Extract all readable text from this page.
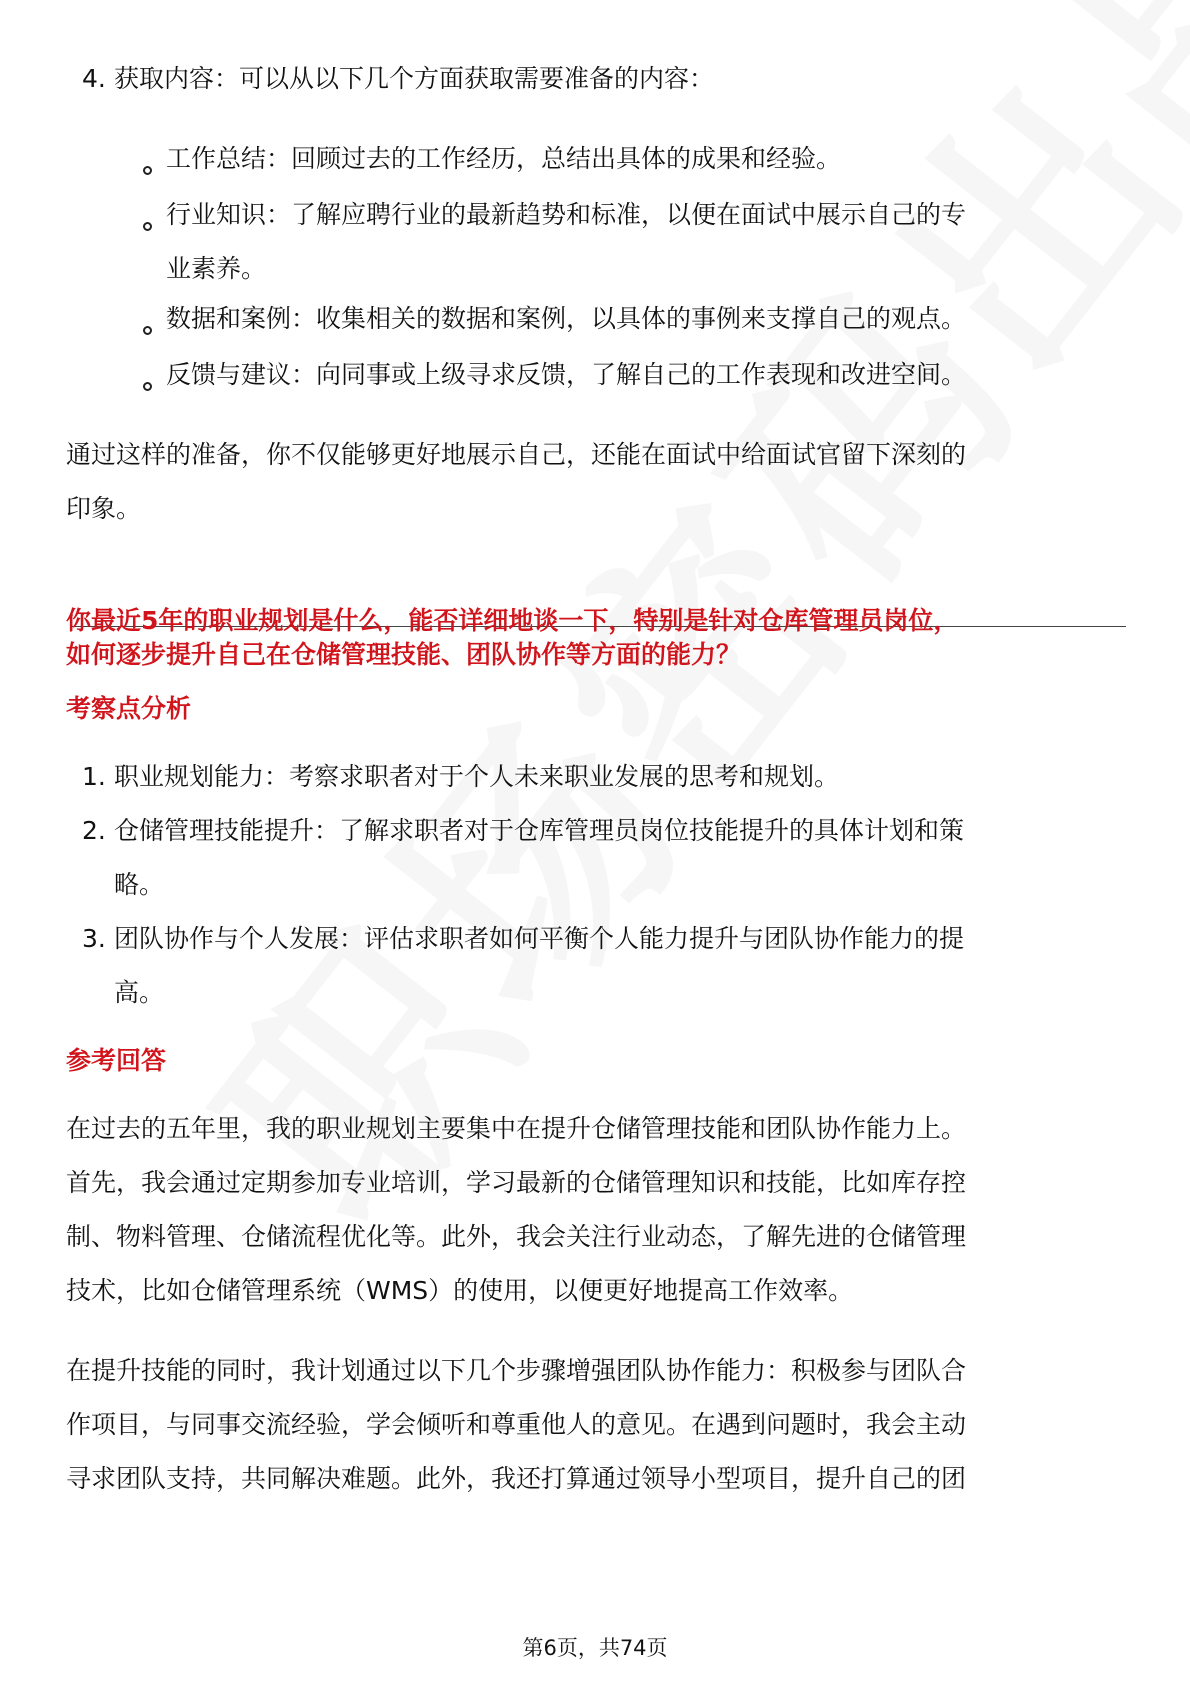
4. 获取内容：可以从以下几个方面获取需要准备的内容：
工作总结：回顾过去的工作经历，总结出具体的成果和经验。
行业知识：了解应聘行业的最新趋势和标准，以便在面试中展示自己的专
业素养。
数据和案例：收集相关的数据和案例，以具体的事例来支撑自己的观点。
反馈与建议：向同事或上级寻求反馈，了解自己的工作表现和改进空间。
通过这样的准备，你不仅能够更好地展示自己，还能在面试中给面试官留下深刻的
印象。
你最近5年的职业规划是什么，能否详细地谈一下，特别是针对仓库管理员岗位，
如何逐步提升自己在仓储管理技能、团队协作等方面的能力？
考察点分析
1. 职业规划能力：考察求职者对于个人未来职业发展的思考和规划。
2. 仓储管理技能提升：了解求职者对于仓库管理员岗位技能提升的具体计划和策
略。
3. 团队协作与个人发展：评估求职者如何平衡个人能力提升与团队协作能力的提
高。
参考回答
在过去的五年里，我的职业规划主要集中在提升仓储管理技能和团队协作能力上。
首先，我会通过定期参加专业培训，学习最新的仓储管理知识和技能，比如库存控
制、物料管理、仓储流程优化等。此外，我会关注行业动态，了解先进的仓储管理
技术，比如仓储管理系统（WMS）的使用，以便更好地提高工作效率。
在提升技能的同时，我计划通过以下几个步骤增强团队协作能力：积极参与团队合
作项目，与同事交流经验，学会倾听和尊重他人的意见。在遇到问题时，我会主动
寻求团队支持，共同解决难题。此外，我还打算通过领导小型项目，提升自己的团
第6页，共74页
